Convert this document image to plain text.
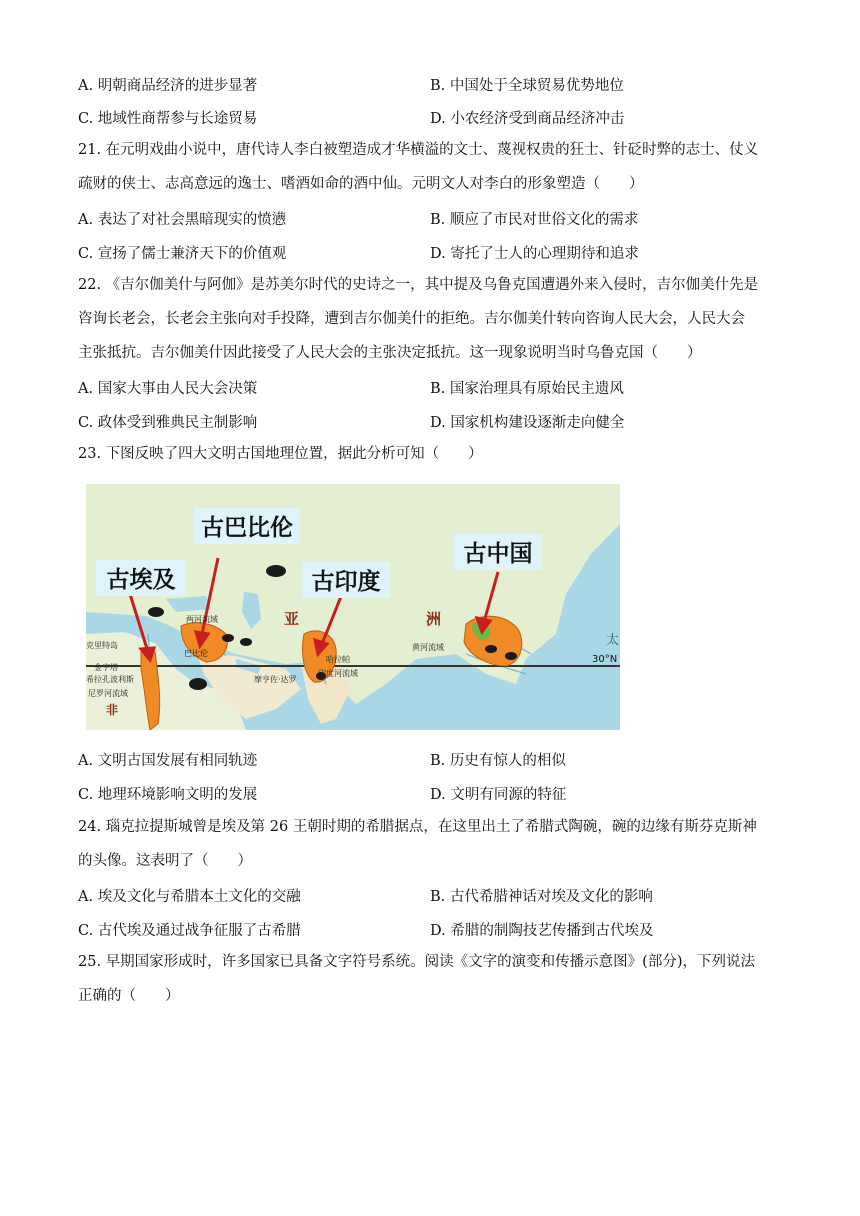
A. 明朝商品经济的进步显著	B. 中国处于全球贸易优势地位
C. 地域性商帮参与长途贸易	D. 小农经济受到商品经济冲击
21. 在元明戏曲小说中，唐代诗人李白被塑造成才华横溢的文士、蔑视权贵的狂士、针砭时弊的志士、仗义
疏财的侠士、志高意远的逸士、嗜酒如命的酒中仙。元明文人对李白的形象塑造（　　）
A. 表达了对社会黑暗现实的愤懑	B. 顺应了市民对世俗文化的需求
C. 宣扬了儒士兼济天下的价值观	D. 寄托了士人的心理期待和追求
22. 《吉尔伽美什与阿伽》是苏美尔时代的史诗之一，其中提及乌鲁克国遭遇外来入侵时，吉尔伽美什先是
咨询长老会，长老会主张向对手投降，遭到吉尔伽美什的拒绝。吉尔伽美什转向咨询人民大会，人民大会
主张抵抗。吉尔伽美什因此接受了人民大会的主张决定抵抗。这一现象说明当时乌鲁克国（　　）
A. 国家大事由人民大会决策	B. 国家治理具有原始民主遗风
C. 政体受到雅典民主制影响	D. 国家机构建设逐渐走向健全
23. 下图反映了四大文明古国地理位置，据此分析可知（　　）
古巴比伦
古埃及	古印度
古中国
两河流域
克里特岛
金字塔
希拉孔波利斯
尼罗河流域
巴比伦
印度河流域
摩亨佐·达罗
哈拉帕
黄河流域
亚	洲
非
太
30°N
A. 文明古国发展有相同轨迹	B. 历史有惊人的相似
C. 地理环境影响文明的发展	D. 文明有同源的特征
24. 瑙克拉提斯城曾是埃及第 26 王朝时期的希腊据点，在这里出土了希腊式陶碗，碗的边缘有斯芬克斯神
的头像。这表明了（　　）
A. 埃及文化与希腊本土文化的交融	B. 古代希腊神话对埃及文化的影响
C. 古代埃及通过战争征服了古希腊	D. 希腊的制陶技艺传播到古代埃及
25. 早期国家形成时，许多国家已具备文字符号系统。阅读《文字的演变和传播示意图》(部分)，下列说法
正确的（　　）
